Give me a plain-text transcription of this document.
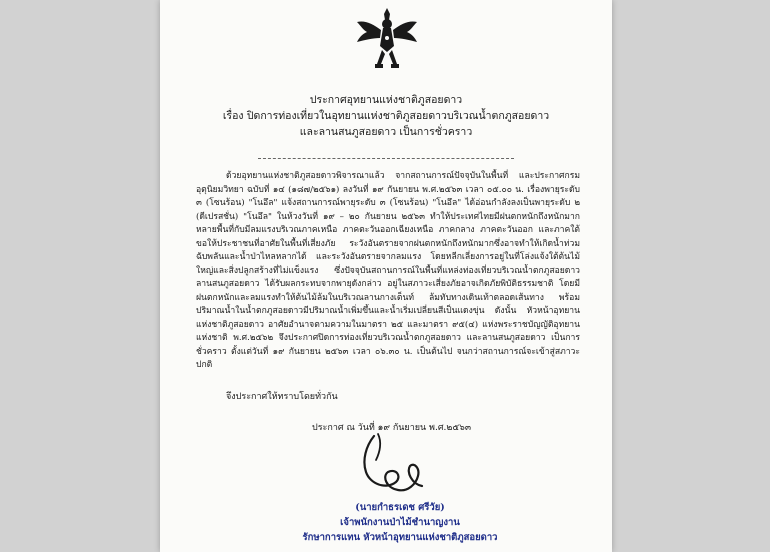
ประกาศอุทยานแห่งชาติภูสอยดาว
เรื่อง ปิดการท่องเที่ยวในอุทยานแห่งชาติภูสอยดาวบริเวณน้ำตกภูสอยดาว
และลานสนภูสอยดาว เป็นการชั่วคราว

ด้วยอุทยานแห่งชาติภูสอยดาวพิจารณาแล้ว จากสถานการณ์ปัจจุบันในพื้นที่ และประกาศกรมอุตุนิยมวิทยา ฉบับที่ ๑๔ (๑๘๗/๒๕๖๑) ลงวันที่ ๑๙ กันยายน พ.ศ.๒๕๖๓ เวลา ๐๕.๐๐ น. เรื่องพายุระดับ ๓ (โซนร้อน) "โนอึล" แจ้งสถานการณ์พายุระดับ ๓ (โซนร้อน) "โนอึล" ได้อ่อนกำลังลงเป็นพายุระดับ ๒ (ดีเปรสชั่น) "โนอึล" ในห้วงวันที่ ๑๙ – ๒๐ กันยายน ๒๕๖๓ ทำให้ประเทศไทยมีฝนตกหนักถึงหนักมากหลายพื้นที่กับมีลมแรงบริเวณภาคเหนือ ภาคตะวันออกเฉียงเหนือ ภาคกลาง ภาคตะวันออก และภาคใต้ ขอให้ประชาชนที่อาศัยในพื้นที่เสี่ยงภัย ระวังอันตรายจากฝนตกหนักถึงหนักมากซึ่งอาจทำให้เกิดน้ำท่วมฉับพลันและน้ำป่าไหลหลากได้ และระวังอันตรายจากลมแรง โดยหลีกเลี่ยงการอยู่ในที่โล่งแจ้งใต้ต้นไม้ใหญ่และสิ่งปลูกสร้างที่ไม่แข็งแรง ซึ่งปัจจุบันสถานการณ์ในพื้นที่แหล่งท่องเที่ยวบริเวณน้ำตกภูสอยดาว ลานสนภูสอยดาว ได้รับผลกระทบจากพายุดังกล่าว อยู่ในสภาวะเสี่ยงภัยอาจเกิดภัยพิบัติธรรมชาติ โดยมีฝนตกหนักและลมแรงทำให้ต้นไม้ล้มในบริเวณลานกางเต็นท์ ล้มทับทางเดินเท้าตลอดเส้นทาง พร้อมปริมาณน้ำในน้ำตกภูสอยดาวมีปริมาณน้ำเพิ่มขึ้นและน้ำเริ่มเปลี่ยนสีเป็นแดงขุ่น ดังนั้น หัวหน้าอุทยานแห่งชาติภูสอยดาว อาศัยอำนาจตามความในมาตรา ๒๕ และมาตรา ๙๕(๔) แห่งพระราชบัญญัติอุทยานแห่งชาติ พ.ศ.๒๕๖๒ จึงประกาศปิดการท่องเที่ยวบริเวณน้ำตกภูสอยดาว และลานสนภูสอยดาว เป็นการชั่วคราว ตั้งแต่วันที่ ๑๙ กันยายน ๒๕๖๓ เวลา ๐๖.๓๐ น. เป็นต้นไป จนกว่าสถานการณ์จะเข้าสู่สภาวะปกติ

จึงประกาศให้ทราบโดยทั่วกัน
ประกาศ ณ วันที่ ๑๙ กันยายน พ.ศ.๒๕๖๓
(นายกำธรเดช ศรีวัย)
เจ้าพนักงานป่าไม้ชำนาญงาน
รักษาการแทน หัวหน้าอุทยานแห่งชาติภูสอยดาว
